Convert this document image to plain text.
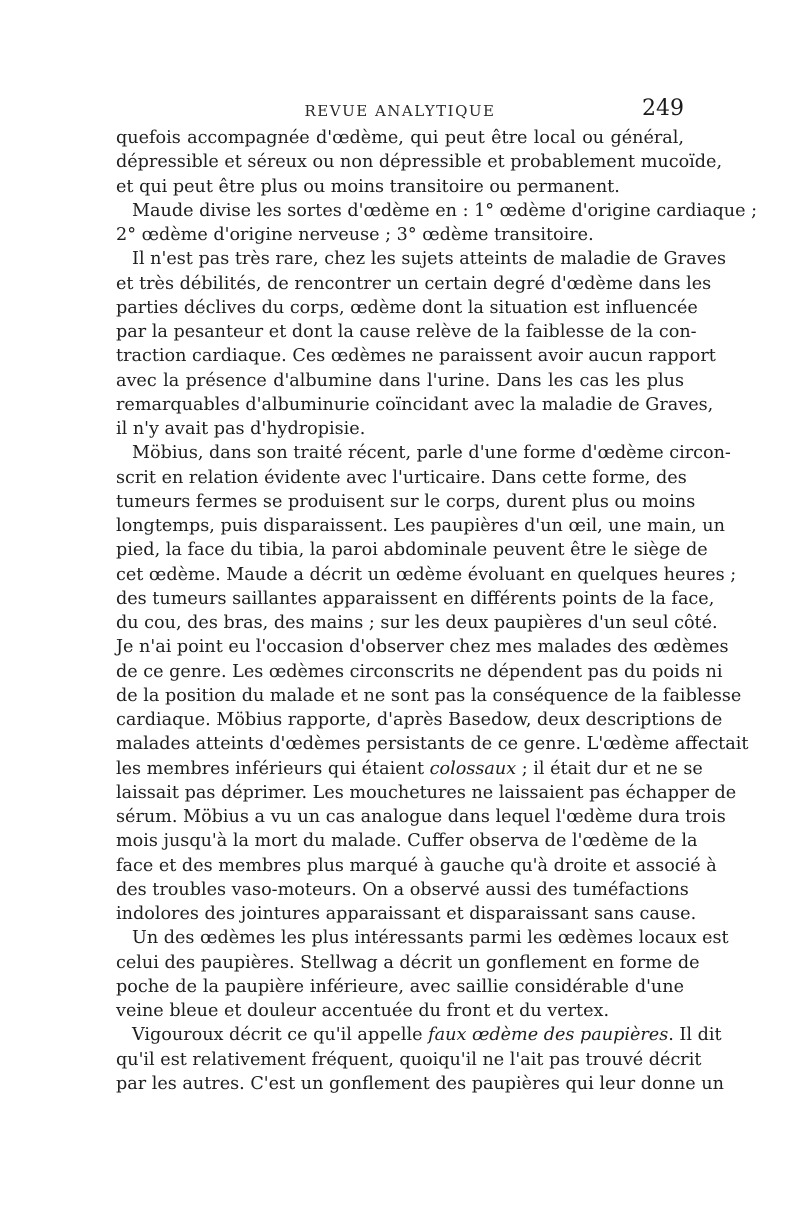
REVUE ANALYTIQUE	249
quefois accompagnée d'œdème, qui peut être local ou général,
dépressible et séreux ou non dépressible et probablement mucoïde,
et qui peut être plus ou moins transitoire ou permanent.
Maude divise les sortes d'œdème en : 1° œdème d'origine cardiaque ;
2° œdème d'origine nerveuse ; 3° œdème transitoire.
Il n'est pas très rare, chez les sujets atteints de maladie de Graves
et très débilités, de rencontrer un certain degré d'œdème dans les
parties déclives du corps, œdème dont la situation est influencée
par la pesanteur et dont la cause relève de la faiblesse de la con-
traction cardiaque. Ces œdèmes ne paraissent avoir aucun rapport
avec la présence d'albumine dans l'urine. Dans les cas les plus
remarquables d'albuminurie coïncidant avec la maladie de Graves,
il n'y avait pas d'hydropisie.
Möbius, dans son traité récent, parle d'une forme d'œdème circon-
scrit en relation évidente avec l'urticaire. Dans cette forme, des
tumeurs fermes se produisent sur le corps, durent plus ou moins
longtemps, puis disparaissent. Les paupières d'un œil, une main, un
pied, la face du tibia, la paroi abdominale peuvent être le siège de
cet œdème. Maude a décrit un œdème évoluant en quelques heures ;
des tumeurs saillantes apparaissent en différents points de la face,
du cou, des bras, des mains ; sur les deux paupières d'un seul côté.
Je n'ai point eu l'occasion d'observer chez mes malades des œdèmes
de ce genre. Les œdèmes circonscrits ne dépendent pas du poids ni
de la position du malade et ne sont pas la conséquence de la faiblesse
cardiaque. Möbius rapporte, d'après Basedow, deux descriptions de
malades atteints d'œdèmes persistants de ce genre. L'œdème affectait
les membres inférieurs qui étaient colossaux ; il était dur et ne se
laissait pas déprimer. Les mouchetures ne laissaient pas échapper de
sérum. Möbius a vu un cas analogue dans lequel l'œdème dura trois
mois jusqu'à la mort du malade. Cuffer observa de l'œdème de la
face et des membres plus marqué à gauche qu'à droite et associé à
des troubles vaso-moteurs. On a observé aussi des tuméfactions
indolores des jointures apparaissant et disparaissant sans cause.
Un des œdèmes les plus intéressants parmi les œdèmes locaux est
celui des paupières. Stellwag a décrit un gonflement en forme de
poche de la paupière inférieure, avec saillie considérable d'une
veine bleue et douleur accentuée du front et du vertex.
Vigouroux décrit ce qu'il appelle faux œdème des paupières. Il dit
qu'il est relativement fréquent, quoiqu'il ne l'ait pas trouvé décrit
par les autres. C'est un gonflement des paupières qui leur donne un
